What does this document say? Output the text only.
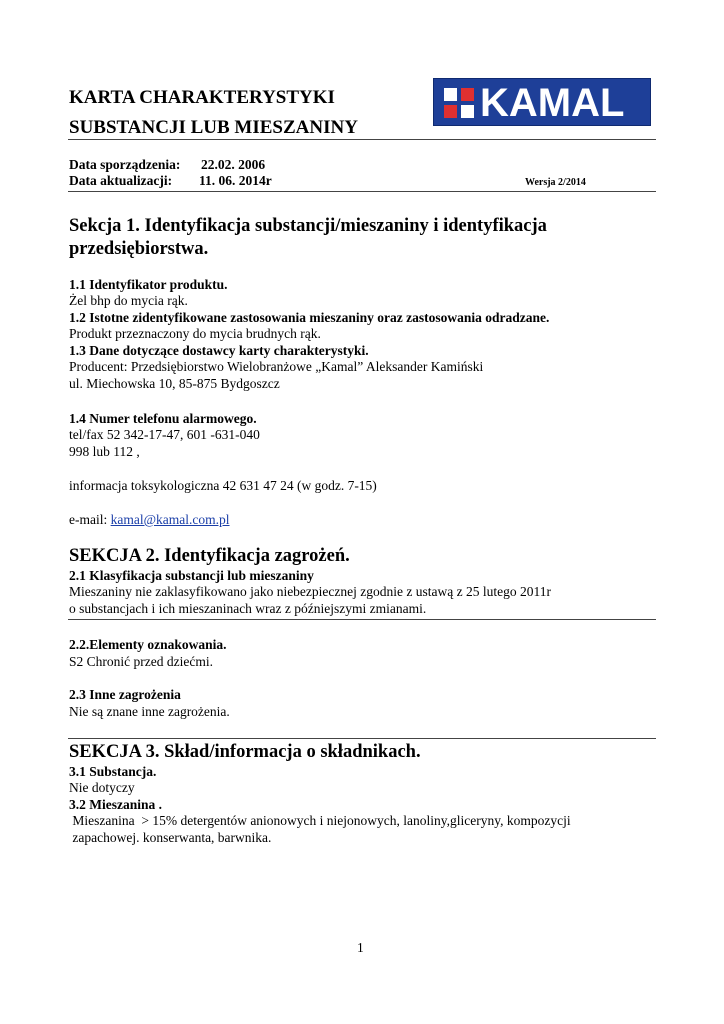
KARTA CHARAKTERYSTYKI
SUBSTANCJI LUB MIESZANINY
KAMAL
Data sporządzenia: 22.02. 2006
Data aktualizacji: 11. 06. 2014r	Wersja 2/2014
Sekcja 1. Identyfikacja substancji/mieszaniny i identyfikacja
przedsiębiorstwa.
1.1 Identyfikator produktu.
Żel bhp do mycia rąk.
1.2 Istotne zidentyfikowane zastosowania mieszaniny oraz zastosowania odradzane.
Produkt przeznaczony do mycia brudnych rąk.
1.3 Dane dotyczące dostawcy karty charakterystyki.
Producent: Przedsiębiorstwo Wielobranżowe „Kamal” Aleksander Kamiński
ul. Miechowska 10, 85-875 Bydgoszcz
1.4 Numer telefonu alarmowego.
tel/fax 52 342-17-47, 601 -631-040
998 lub 112 ,
informacja toksykologiczna 42 631 47 24 (w godz. 7-15)
e-mail: kamal@kamal.com.pl
SEKCJA 2. Identyfikacja zagrożeń.
2.1 Klasyfikacja substancji lub mieszaniny
Mieszaniny nie zaklasyfikowano jako niebezpiecznej zgodnie z ustawą z 25 lutego 2011r
o substancjach i ich mieszaninach wraz z późniejszymi zmianami.
2.2.Elementy oznakowania.
S2 Chronić przed dziećmi.
2.3 Inne zagrożenia
Nie są znane inne zagrożenia.
SEKCJA 3. Skład/informacja o składnikach.
3.1 Substancja.
Nie dotyczy
3.2 Mieszanina .
Mieszanina  > 15% detergentów anionowych i niejonowych, lanoliny,gliceryny, kompozycji
zapachowej. konserwanta, barwnika.
1
